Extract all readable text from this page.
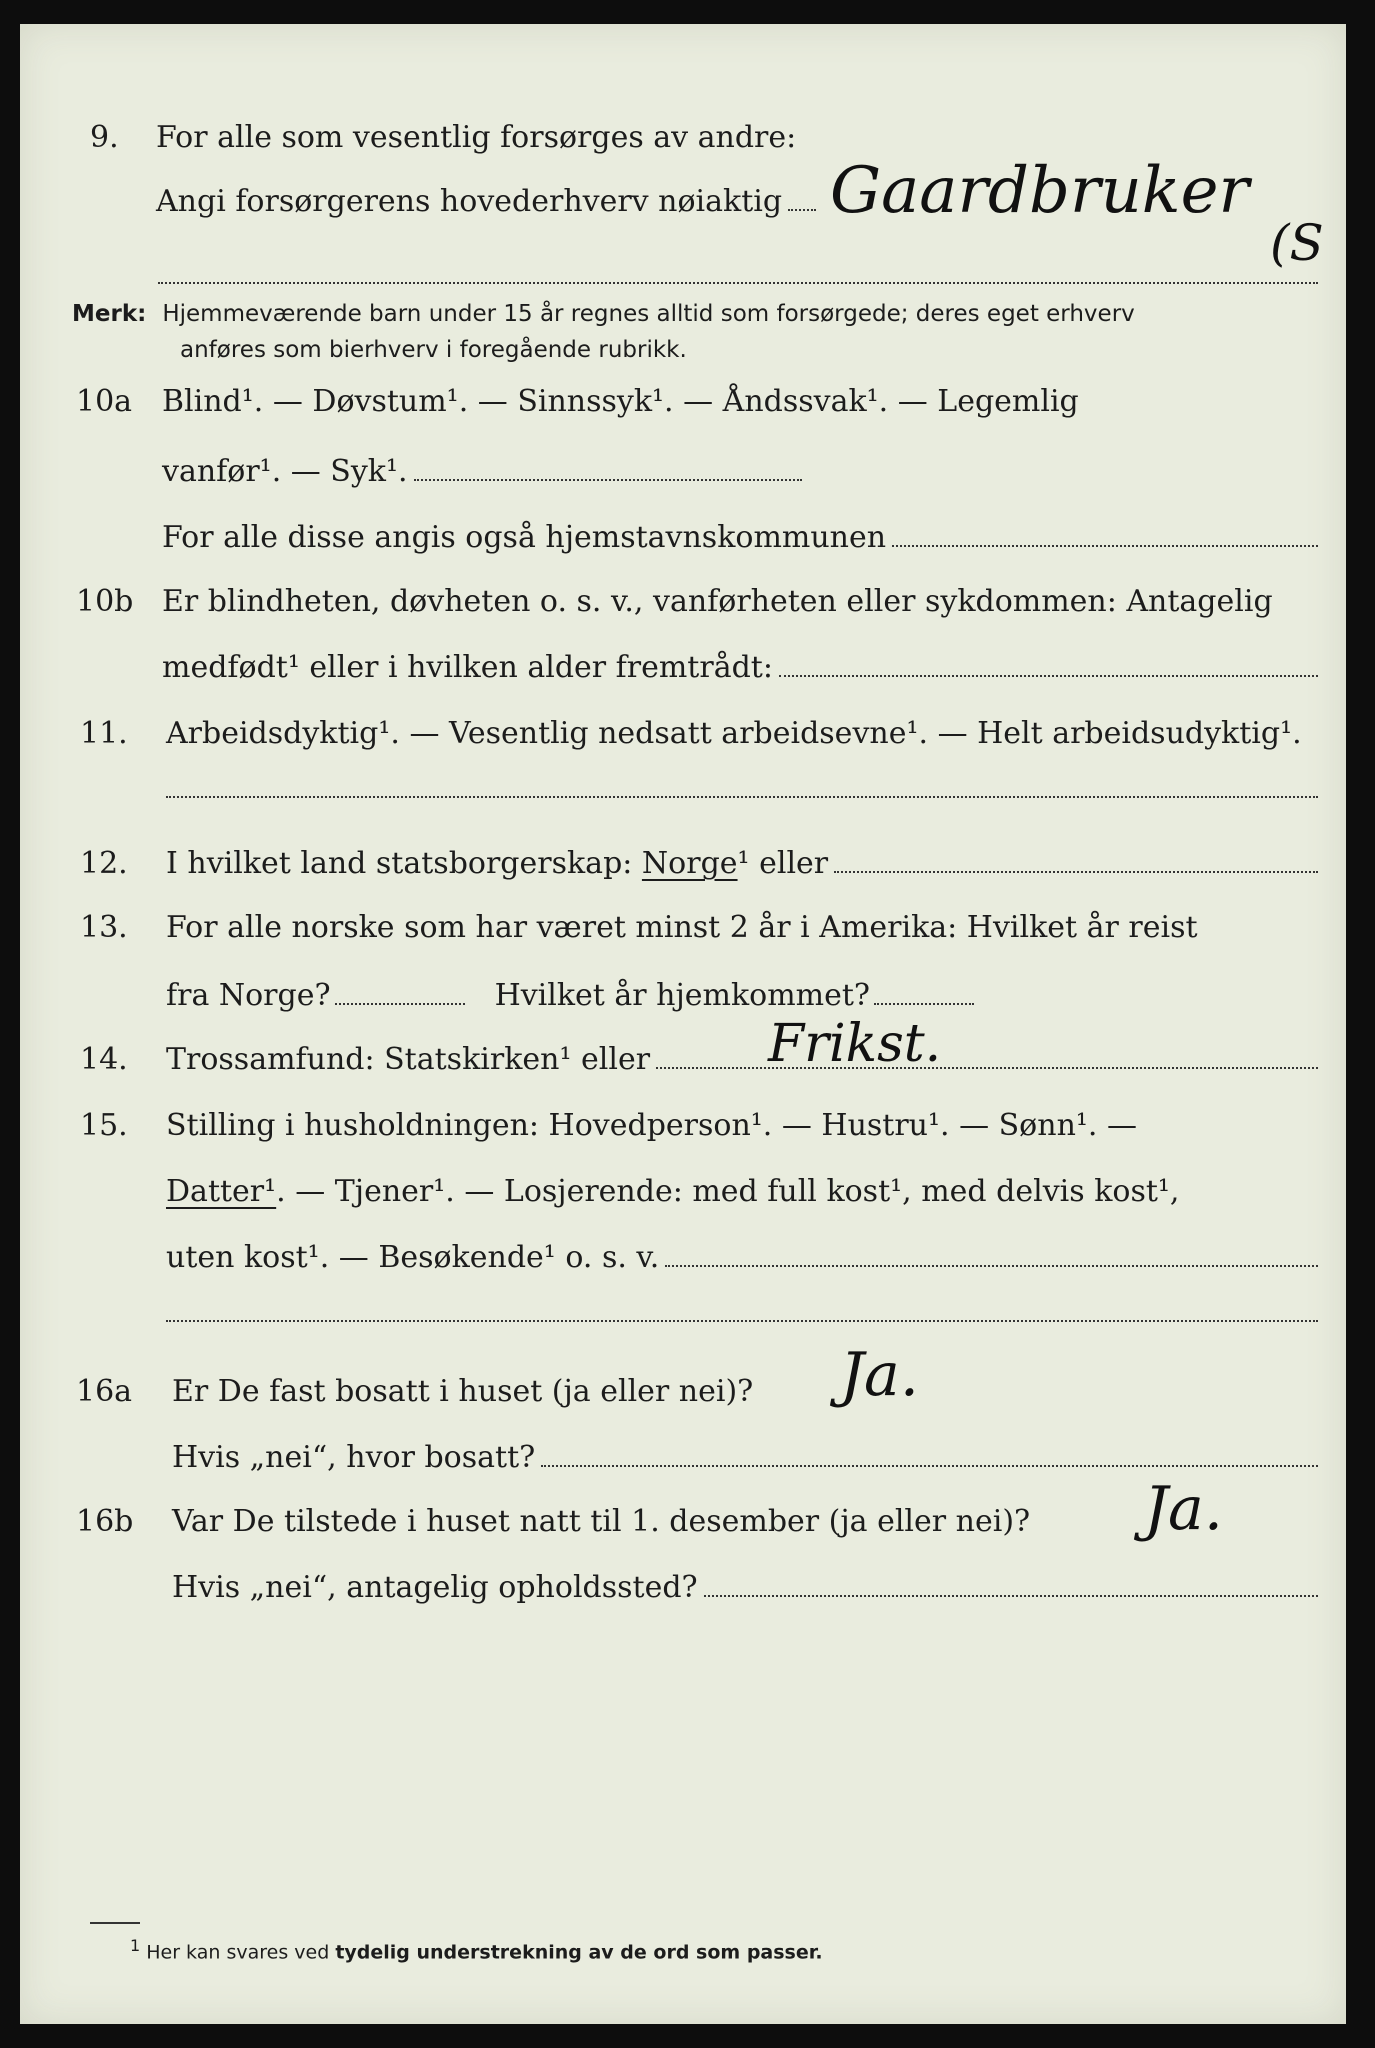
9. For alle som vesentlig forsørges av andre:
Angi forsørgerens hovederhverv nøiaktig Gaardbruker
(S
Merk: Hjemmeværende barn under 15 år regnes alltid som forsørgede; deres eget erhverv
anføres som bierhverv i foregående rubrikk.
10a Blind¹. — Døvstum¹. — Sinnssyk¹. — Åndssvak¹. — Legemlig
vanfør¹. — Syk¹.
For alle disse angis også hjemstavnskommunen
10b Er blindheten, døvheten o. s. v., vanførheten eller sykdommen: Antagelig
medfødt¹ eller i hvilken alder fremtrådt:
11. Arbeidsdyktig¹. — Vesentlig nedsatt arbeidsevne¹. — Helt arbeidsudyktig¹.
12. I hvilket land statsborgerskap: Norge ¹ eller
13. For alle norske som har været minst 2 år i Amerika: Hvilket år reist
fra Norge?	Hvilket år hjemkommet?
14. Trossamfund: Statskirken¹ eller Frikst.
15. Stilling i husholdningen: Hovedperson¹. — Hustru¹. — Sønn¹. —
Datter¹ . — Tjener¹. — Losjerende: med full kost¹, med delvis kost¹,
uten kost¹. — Besøkende¹ o. s. v.
16a Er De fast bosatt i huset (ja eller nei)? Ja.
Hvis „nei“, hvor bosatt?
16b Var De tilstede i huset natt til 1. desember (ja eller nei)? Ja.
Hvis „nei“, antagelig opholdssted?
$^1$ Her kan svares ved tydelig understrekning av de ord som passer.
